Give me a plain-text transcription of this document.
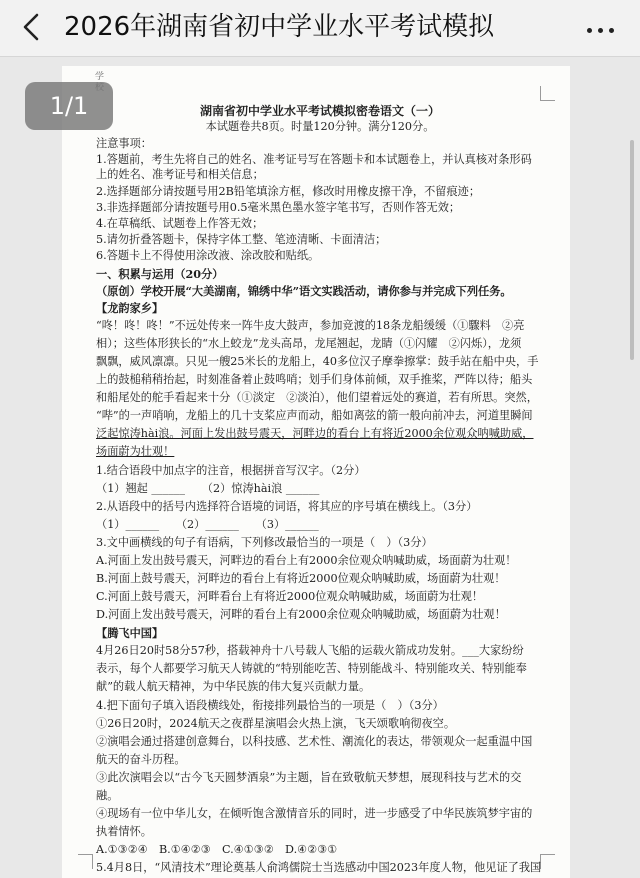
2026年湖南省初中学业水平考试模拟
学
湖南省初中学业水平考试模拟密卷语文（一）
本试题卷共8页。时量120分钟。满分120分。
注意事项：
1.答题前，考生先将自己的姓名、准考证号写在答题卡和本试题卷上，并认真核对条形码
上的姓名、准考证号和相关信息；
2.选择题部分请按题号用2B铅笔填涂方框，修改时用橡皮擦干净，不留痕迹；
3.非选择题部分请按题号用0.5毫米黑色墨水签字笔书写，否则作答无效；
4.在草稿纸、试题卷上作答无效；
5.请勿折叠答题卡，保持字体工整、笔迹清晰、卡面清洁；
6.答题卡上不得使用涂改液、涂改胶和贴纸。
一、积累与运用（20分）
（原创）学校开展“大美湖南，锦绣中华”语文实践活动，请你参与并完成下列任务。
【龙韵家乡】
“咚！咚！咚！”不远处传来一阵牛皮大鼓声，参加竞渡的18条龙船缓缓（①驟料　②亮
相）；这些体形狭长的“水上蛟龙”龙头高昂，龙尾翘起，龙睛（①闪耀　②闪烁），龙须
飘飘，威风凛凛。只见一艘25米长的龙船上，40多位汉子摩拳擦掌：鼓手站在船中央，手
上的鼓槌稍稍抬起，时刻准备着止鼓鸣哨；划手们身体前倾，双手推桨，严阵以待；船头
和船尾处的舵手看起来十分（①淡定　②淡泊），他们望着远处的赛道，若有所思。突然，
“哔”的一声哨响，龙船上的几十支桨应声而动，船如离弦的箭一般向前冲去，河道里瞬间
泛起惊涛hài浪。河面上发出鼓号震天，河畔边的看台上有将近2000余位观众呐喊助威，
场面蔚为壮观！
1.结合语段中加点字的注音，根据拼音写汉字。（2分）
（1）翘起 ______　　（2）惊涛hài浪 ______
2.从语段中的括号内选择符合语境的词语，将其应的序号填在横线上。（3分）
（1）______　　（2）______　　（3）______
3.文中画横线的句子有语病，下列修改最恰当的一项是（　）（3分）
A.河面上发出鼓号震天，河畔边的看台上有2000余位观众呐喊助威，场面蔚为壮观！
B.河面上鼓号震天，河畔边的看台上有将近2000位观众呐喊助威，场面蔚为壮观！
C.河面上鼓号震天，河畔看台上有将近2000位观众呐喊助威，场面蔚为壮观！
D.河面上发出鼓号震天，河畔的看台上有2000余位观众呐喊助威，场面蔚为壮观！
【腾飞中国】
4月26日20时58分57秒，搭载神舟十八号载人飞船的运载火箭成功发射。___大家纷纷
表示，每个人都要学习航天人铸就的“特别能吃苦、特别能战斗、特别能攻关、特别能奉
献”的载人航天精神，为中华民族的伟大复兴贡献力量。
4.把下面句子填入语段横线处，衔接排列最恰当的一项是（　）（3分）
①26日20时，2024航天之夜群星演唱会火热上演，飞天颂歌响彻夜空。
②演唱会通过搭建创意舞台，以科技感、艺术性、潮流化的表达，带领观众一起重温中国
航天的奋斗历程。
③此次演唱会以“古今飞天圆梦酒泉”为主题，旨在致敬航天梦想，展现科技与艺术的交
融。
④现场有一位中华儿女，在倾听饱含激情音乐的同时，进一步感受了中华民族筑梦宇宙的
执着情怀。
A.①③②④　B.①④②③　C.④①③②　D.④②③①
5.4月8日，“风清技术”理论奠基人俞鸿儒院士当选感动中国2023年度人物，他见证了我国
1/1
